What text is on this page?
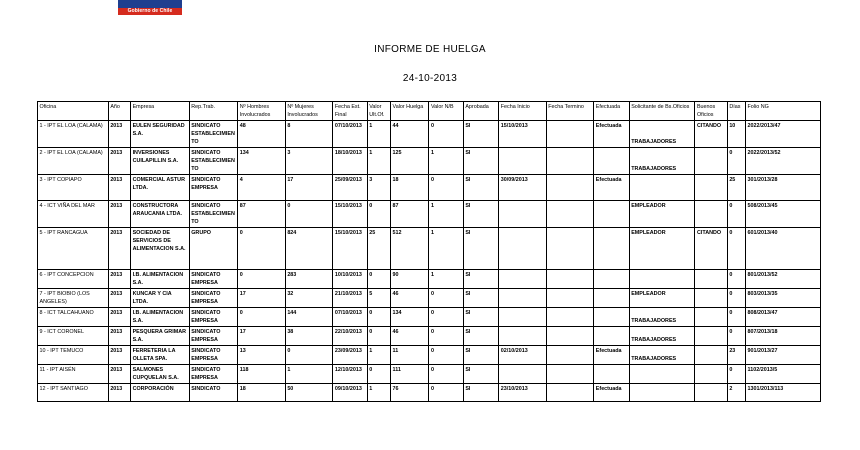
Gobierno de Chile
INFORME DE HUELGA
24-10-2013
Oficina	Año	Empresa	Rep.Trab.	Nº Hombres Involucrados	Nº Mujeres Involucrados	Fecha Est. Final	Valor Ult.Of.	Valor Huelga	Valor N/B	Aprobada	Fecha Inicio	Fecha Termino	Efectuada	Solicitante de Bs.Oficios	Buenos Oficios	Días	Folio NG
1 - IPT EL LOA (CALAMA)	2013	EULEN SEGURIDAD S.A.	SINDICATO ESTABLECIMIENTO	48	8	07/10/2013	1	44	0	SI	15/10/2013		Efectuada	TRABAJADORES	CITANDO	10	2022/2013/47
2 - IPT EL LOA (CALAMA)	2013	INVERSIONES CUILAPILLIN S.A.	SINDICATO ESTABLECIMIENTO	134	3	18/10/2013	1	125	1	SI				TRABAJADORES		0	2022/2013/52
3 - IPT COPIAPO	2013	COMERCIAL ASTUR LTDA.	SINDICATO EMPRESA	4	17	25/09/2013	3	18	0	SI	30/09/2013		Efectuada			25	301/2013/28
4 - ICT VIÑA DEL MAR	2013	CONSTRUCTORA ARAUCANIA LTDA.	SINDICATO ESTABLECIMIENTO	87	0	15/10/2013	0	87	1	SI				EMPLEADOR		0	508/2013/45
5 - IPT RANCAGUA	2013	SOCIEDAD DE SERVICIOS DE ALIMENTACION S.A.	GRUPO	0	824	15/10/2013	25	512	1	SI				EMPLEADOR	CITANDO	0	601/2013/40
6 - IPT CONCEPCION	2013	I.B. ALIMENTACION S.A.	SINDICATO EMPRESA	0	283	10/10/2013	0	90	1	SI						0	801/2013/52
7 - IPT BIOBIO (LOS ANGELES)	2013	KUNCAR Y CIA LTDA.	SINDICATO EMPRESA	17	32	21/10/2013	5	46	0	SI				EMPLEADOR		0	803/2013/35
8 - ICT TALCAHUANO	2013	I.B. ALIMENTACION S.A.	SINDICATO EMPRESA	0	144	07/10/2013	0	134	0	SI				TRABAJADORES		0	808/2013/47
9 - ICT CORONEL	2013	PESQUERA GRIMAR S.A.	SINDICATO EMPRESA	17	38	22/10/2013	0	46	0	SI				TRABAJADORES		0	807/2013/18
10 - IPT TEMUCO	2013	FERRETERIA LA OLLETA SPA.	SINDICATO EMPRESA	13	0	23/09/2013	1	11	0	SI	02/10/2013		Efectuada	TRABAJADORES		23	901/2013/27
11 - IPT AISÉN	2013	SALMONES CUPQUELAN S.A.	SINDICATO EMPRESA	118	1	12/10/2013	0	111	0	SI						0	1102/2013/5
12 - IPT SANTIAGO	2013	CORPORACIÓN	SINDICATO	18	50	09/10/2013	1	76	0	SI	23/10/2013		Efectuada			2	1301/2013/113
